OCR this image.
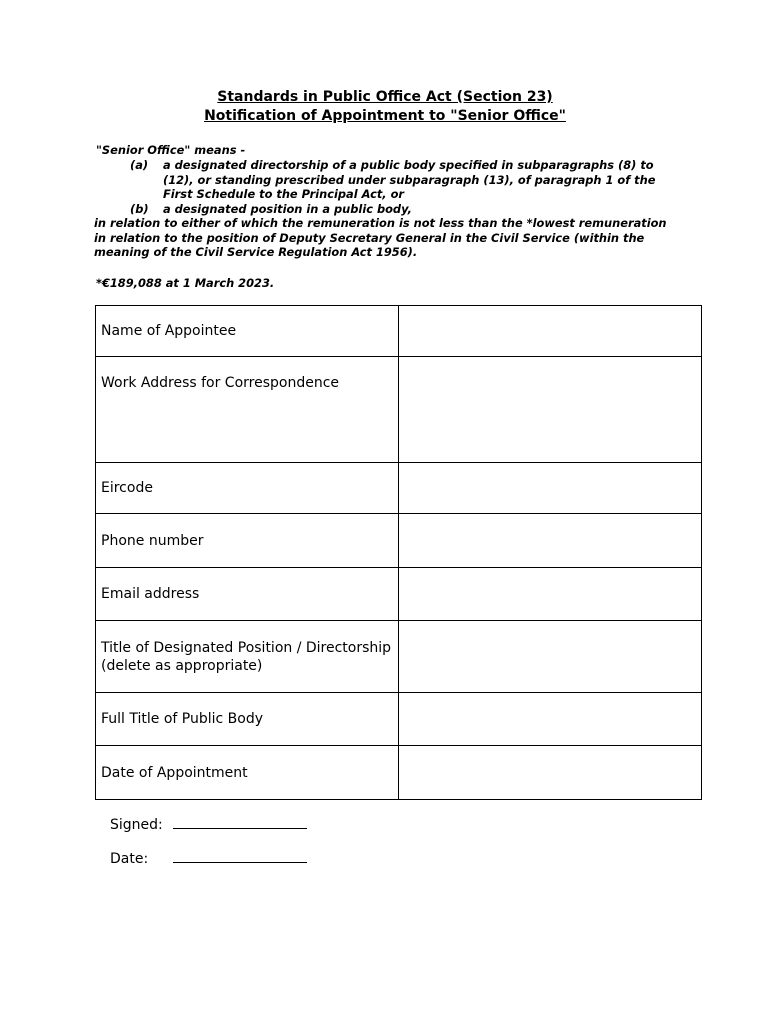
Standards in Public Office Act (Section 23)
Notification of Appointment to "Senior Office"
"Senior Office" means -
(a) a designated directorship of a public body specified in subparagraphs (8) to
(12), or standing prescribed under subparagraph (13), of paragraph 1 of the
First Schedule to the Principal Act, or
(b) a designated position in a public body,
in relation to either of which the remuneration is not less than the *lowest remuneration
in relation to the position of Deputy Secretary General in the Civil Service (within the
meaning of the Civil Service Regulation Act 1956).
*€189,088 at 1 March 2023.
Name of Appointee	
Work Address for Correspondence	
Eircode	
Phone number	
Email address	

Title of Designated Position / Directorship
(delete as appropriate)

Full Title of Public Body	
Date of Appointment	
Signed:
Date:
